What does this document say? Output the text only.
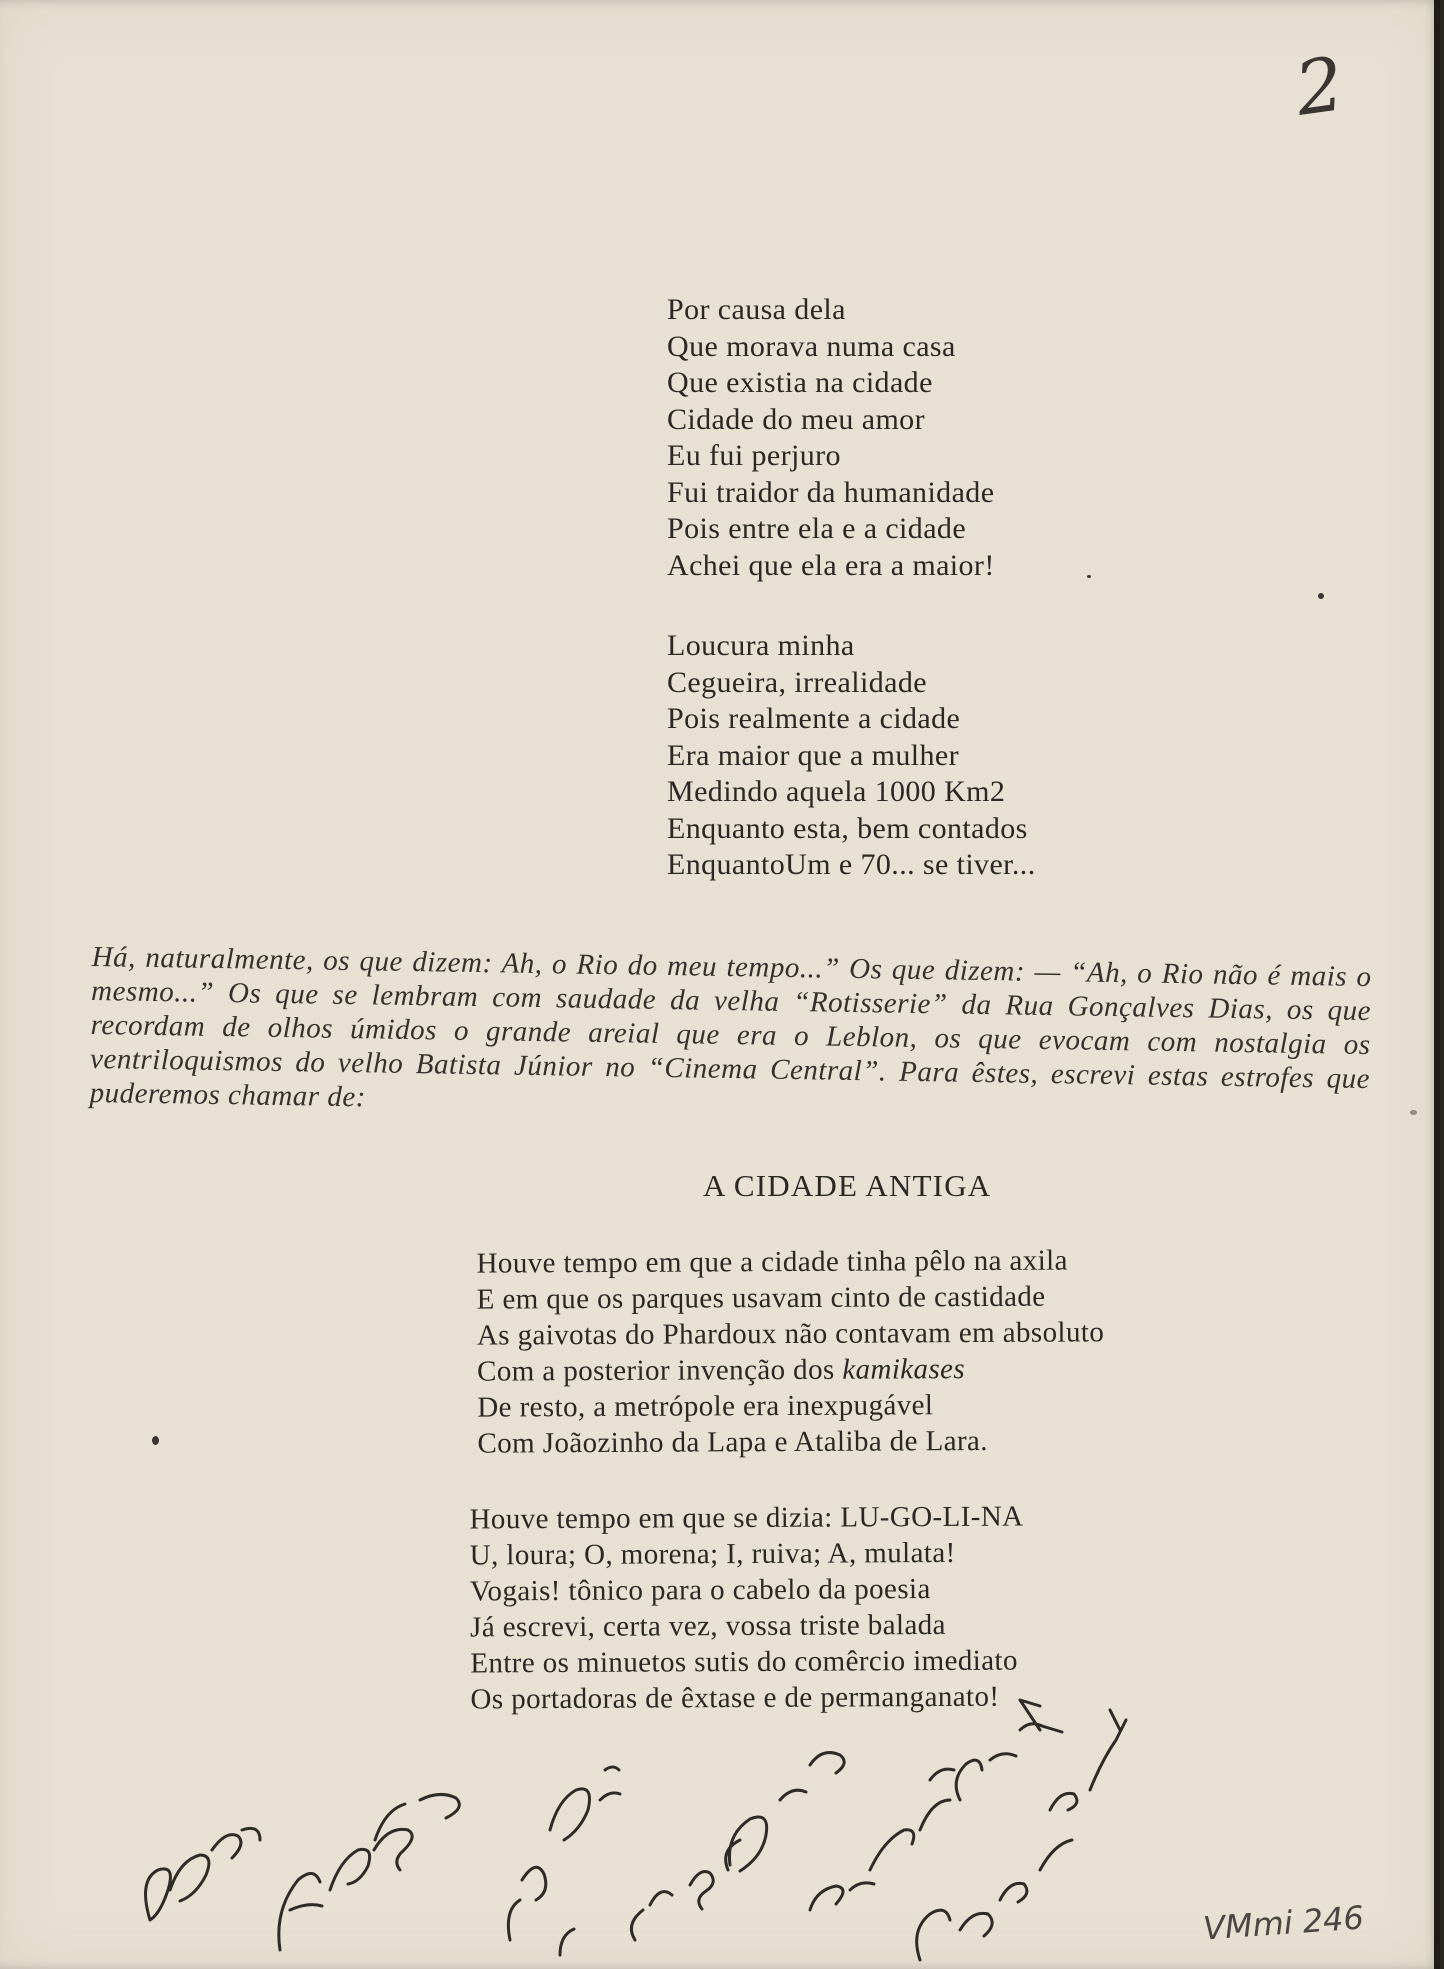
2
Por causa dela
Que morava numa casa
Que existia na cidade
Cidade do meu amor
Eu fui perjuro
Fui traidor da humanidade
Pois entre ela e a cidade
Achei que ela era a maior!
Loucura minha
Cegueira, irrealidade
Pois realmente a cidade
Era maior que a mulher
Medindo aquela 1000 Km2
Enquanto esta, bem contados
EnquantoUm e 70... se tiver...

Há, naturalmente, os que dizem: Ah, o Rio do meu tempo...” Os que dizem: — “Ah, o Rio não é mais o mesmo...” Os que se lembram com saudade da velha “Rotisserie” da Rua Gonçalves Dias, os que recordam de olhos úmidos o grande areial que era o Leblon, os que evocam com nostalgia os ventriloquismos do velho Batista Júnior no “Cinema Central”. Para êstes, escrevi estas estrofes que puderemos chamar de:

A CIDADE ANTIGA
Houve tempo em que a cidade tinha pêlo na axila
E em que os parques usavam cinto de castidade
As gaivotas do Phardoux não contavam em absoluto
Com a posterior invenção dos kamikases
De resto, a metrópole era inexpugável
Com Joãozinho da Lapa e Ataliba de Lara.
Houve tempo em que se dizia: LU-GO-LI-NA
U, loura; O, morena; I, ruiva; A, mulata!
Vogais! tônico para o cabelo da poesia
Já escrevi, certa vez, vossa triste balada
Entre os minuetos sutis do comêrcio imediato
Os portadoras de êxtase e de permanganato!
VMmi 246
